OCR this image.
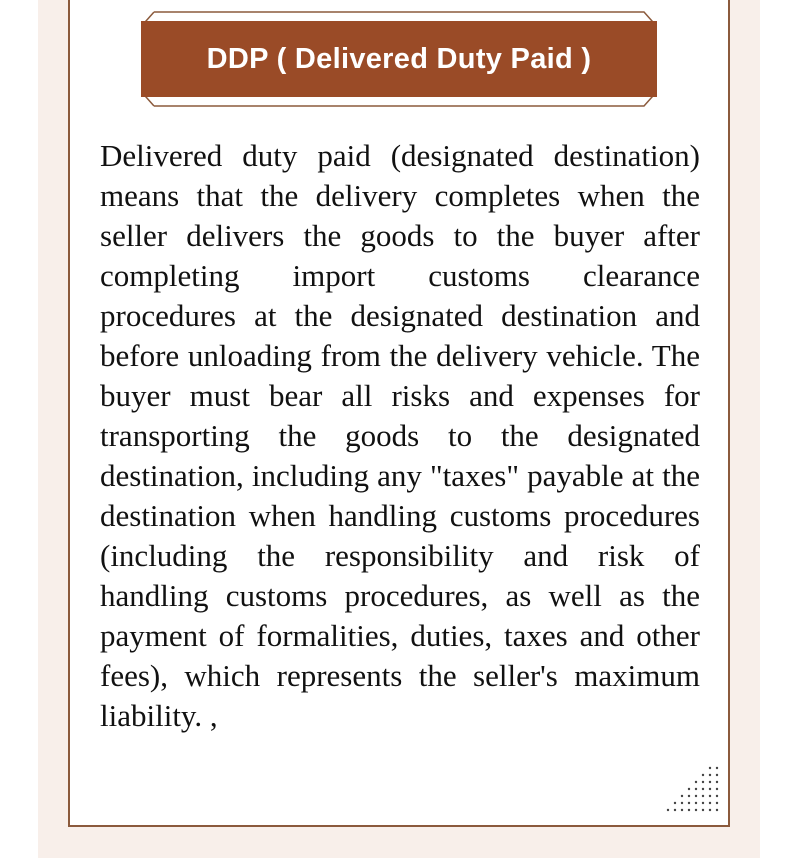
DDP ( Delivered Duty Paid )

Delivered duty paid (designated destination) means that the delivery completes when the seller delivers the goods to the buyer after completing import customs clearance procedures at the designated destination and before unloading from the delivery vehicle. The buyer must bear all risks and expenses for transporting the goods to the designated destination, including any "taxes" payable at the destination when handling customs procedures (including the responsibility and risk of handling customs procedures, as well as the payment of formalities, duties, taxes and other fees), which represents the seller's maximum liability. ,
